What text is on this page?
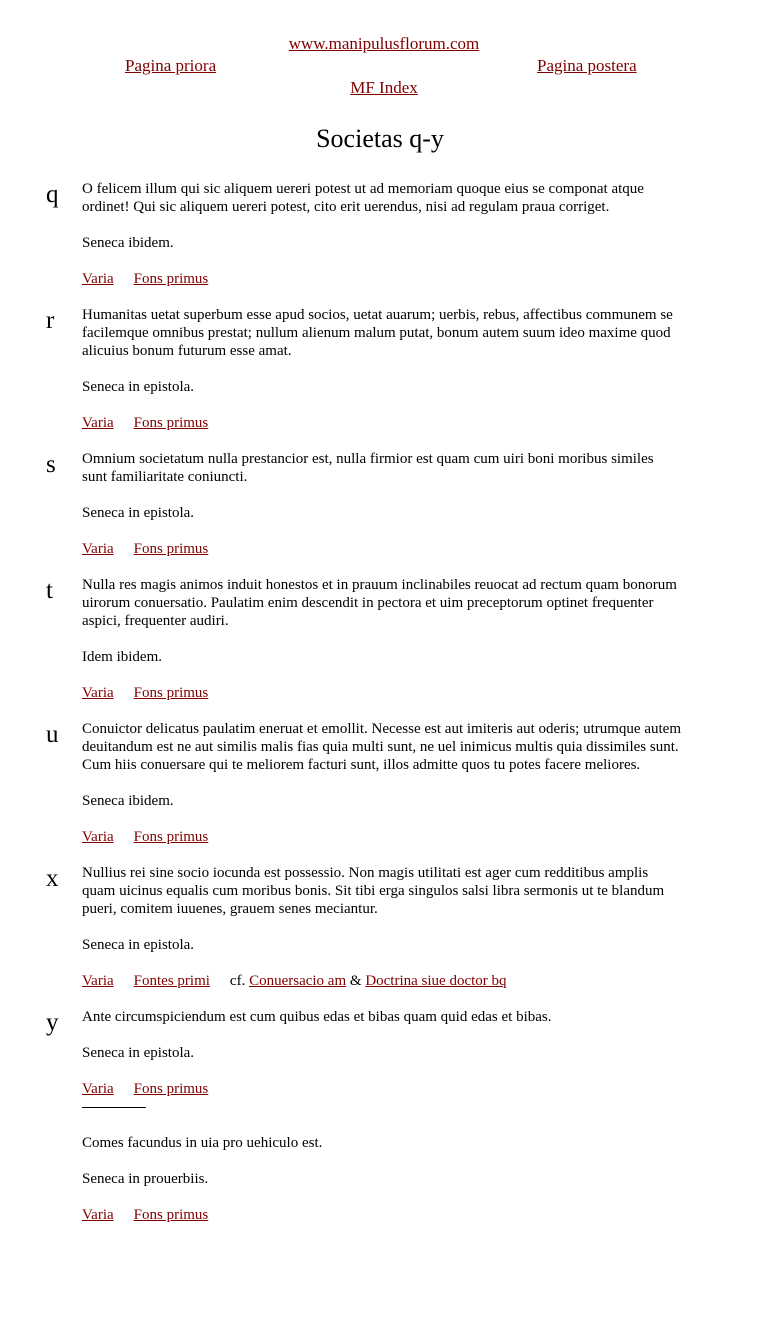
www.manipulusflorum.com
Pagina priora	Pagina postera
MF Index
Societas q-y
q O felicem illum qui sic aliquem uereri potest ut ad memoriam quoque eius se componat atque ordinet! Qui sic aliquem uereri potest, cito erit uerendus, nisi ad regulam praua corriget.

Seneca ibidem.

Varia Fons primus

r Humanitas uetat superbum esse apud socios, uetat auarum; uerbis, rebus, affectibus communem se facilemque omnibus prestat; nullum alienum malum putat, bonum autem suum ideo maxime quod alicuius bonum futurum esse amat.

Seneca in epistola.

Varia Fons primus

s Omnium societatum nulla prestancior est, nulla firmior est quam cum uiri boni moribus similes sunt familiaritate coniuncti.

Seneca in epistola.

Varia Fons primus

t Nulla res magis animos induit honestos et in prauum inclinabiles reuocat ad rectum quam bonorum uirorum conuersatio. Paulatim enim descendit in pectora et uim preceptorum optinet frequenter aspici, frequenter audiri.

Idem ibidem.

Varia Fons primus

u Conuictor delicatus paulatim eneruat et emollit. Necesse est aut imiteris aut oderis; utrumque autem deuitandum est ne aut similis malis fias quia multi sunt, ne uel inimicus multis quia dissimiles sunt. Cum hiis conuersare qui te meliorem facturi sunt, illos admitte quos tu potes facere meliores.

Seneca ibidem.

Varia Fons primus

x Nullius rei sine socio iocunda est possessio. Non magis utilitati est ager cum redditibus amplis quam uicinus equalis cum moribus bonis. Sit tibi erga singulos salsi libra sermonis ut te blandum pueri, comitem iuuenes, grauem senes meciantur.

Seneca in epistola.

Varia Fontes primi cf. Conuersacio am & Doctrina siue doctor bq

y Ante circumspiciendum est cum quibus edas et bibas quam quid edas et bibas.

Seneca in epistola.

Varia Fons primus

Comes facundus in uia pro uehiculo est.

Seneca in prouerbiis.

Varia Fons primus
